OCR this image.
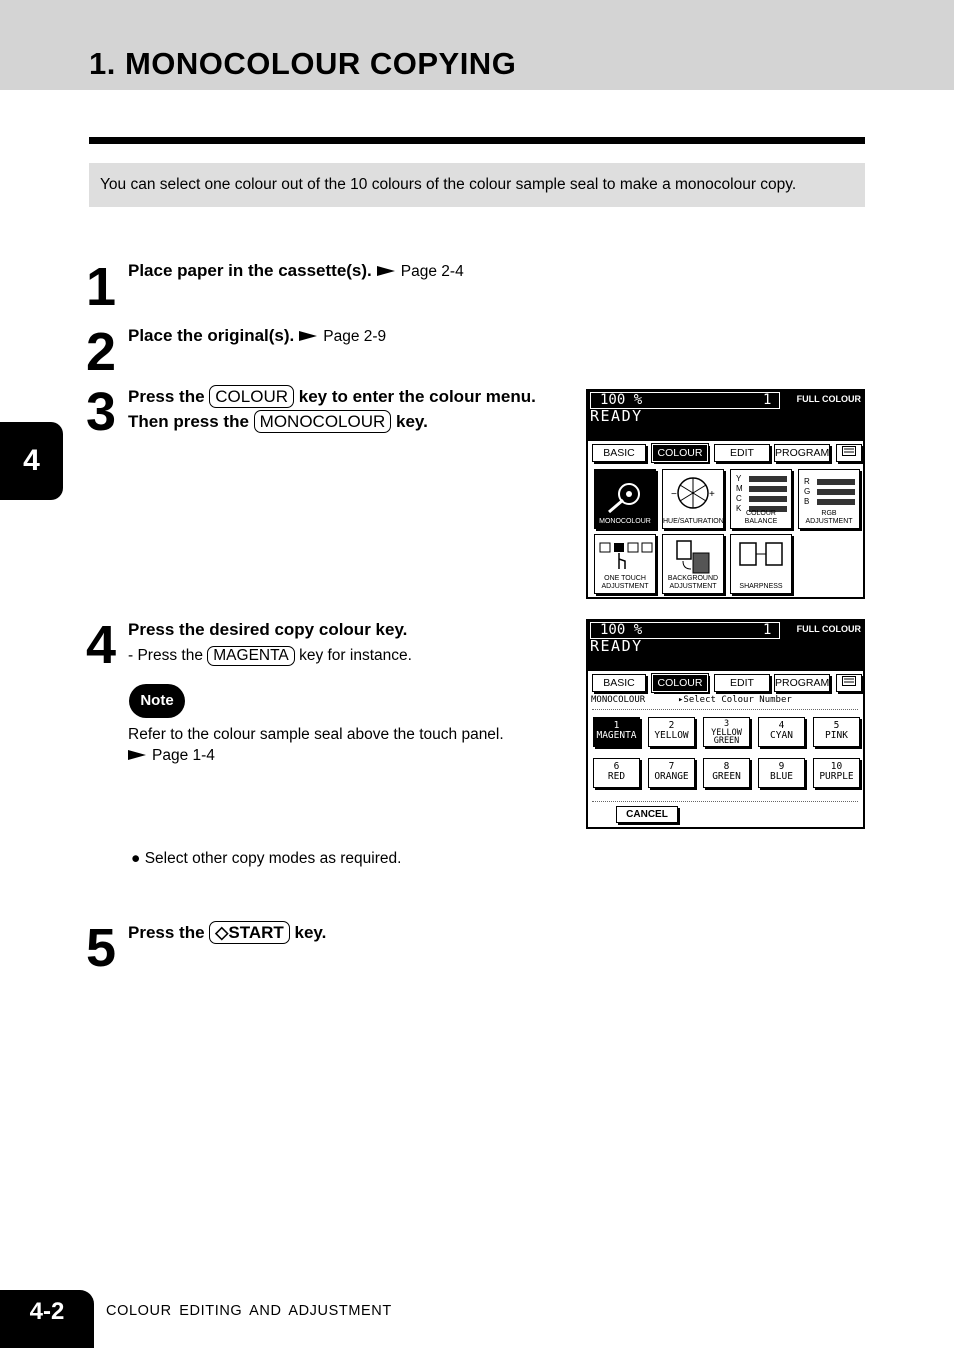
1. MONOCOLOUR COPYING
You can select one colour out of the 10 colours of the colour sample seal to make a monocolour copy.
4
1 Place paper in the cassette(s). Page 2-4
2 Place the original(s). Page 2-9
3 Press the COLOUR key to enter the colour menu.
Then press the MONOCOLOUR key.
100 %	1	FULL COLOUR
READY
BASIC	COLOUR	EDIT	PROGRAM
MONOCOLOUR
−	+
HUE/SATURATION
Y
M
C
K
COLOUR BALANCE
R
G
B
RGB ADJUSTMENT
ONE TOUCH ADJUSTMENT
BACKGROUND ADJUSTMENT	SHARPNESS
4 Press the desired copy colour key.
- Press the MAGENTA key for instance.
Note
Refer to the colour sample seal above the touch panel.
Page 1-4
100 %	1	FULL COLOUR
READY
BASIC	COLOUR	EDIT	PROGRAM
MONOCOLOUR	▸Select Colour Number
1
MAGENTA
2
YELLOW
3
YELLOW GREEN
4
CYAN
5
PINK
6
RED
7
ORANGE
8
GREEN
9
BLUE
10
PURPLE
CANCEL
● Select other copy modes as required.
5 Press the ◇START key.
4-2	COLOUR EDITING AND ADJUSTMENT
